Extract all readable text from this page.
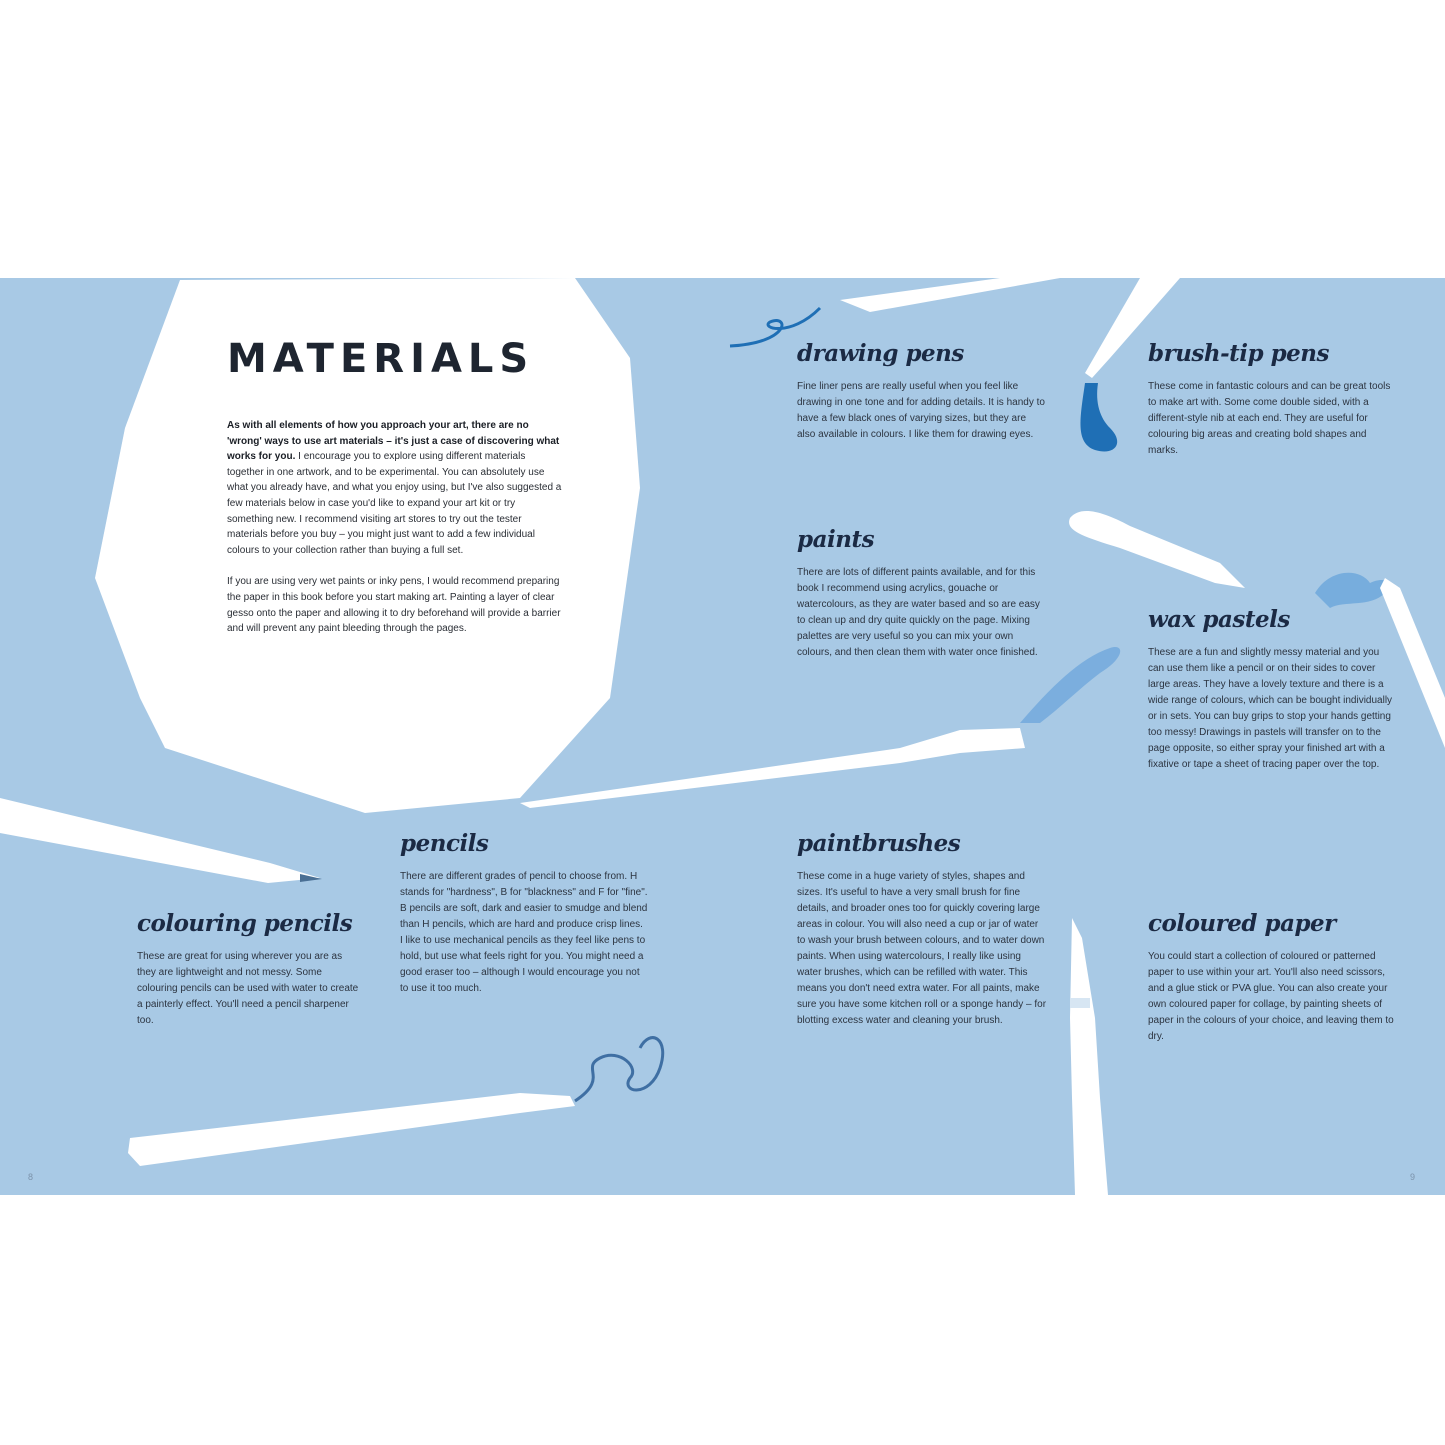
MATERIALS

As with all elements of how you approach your art, there are no 'wrong' ways to use art materials – it's just a case of discovering what works for you. I encourage you to explore using different materials together in one artwork, and to be experimental. You can absolutely use what you already have, and what you enjoy using, but I've also suggested a few materials below in case you'd like to expand your art kit or try something new. I recommend visiting art stores to try out the tester materials before you buy – you might just want to add a few individual colours to your collection rather than buying a full set.

If you are using very wet paints or inky pens, I would recommend preparing the paper in this book before you start making art. Painting a layer of clear gesso onto the paper and allowing it to dry beforehand will provide a barrier and will prevent any paint bleeding through the pages.

drawing pens

Fine liner pens are really useful when you feel like drawing in one tone and for adding details. It is handy to have a few black ones of varying sizes, but they are also available in colours. I like them for drawing eyes.

brush-tip pens

These come in fantastic colours and can be great tools to make art with. Some come double sided, with a different-style nib at each end. They are useful for colouring big areas and creating bold shapes and marks.

paints

There are lots of different paints available, and for this book I recommend using acrylics, gouache or watercolours, as they are water based and so are easy to clean up and dry quite quickly on the page. Mixing palettes are very useful so you can mix your own colours, and then clean them with water once finished.

wax pastels

These are a fun and slightly messy material and you can use them like a pencil or on their sides to cover large areas. They have a lovely texture and there is a wide range of colours, which can be bought individually or in sets. You can buy grips to stop your hands getting too messy! Drawings in pastels will transfer on to the page opposite, so either spray your finished art with a fixative or tape a sheet of tracing paper over the top.

pencils

There are different grades of pencil to choose from. H stands for "hardness", B for "blackness" and F for "fine". B pencils are soft, dark and easier to smudge and blend than H pencils, which are hard and produce crisp lines. I like to use mechanical pencils as they feel like pens to hold, but use what feels right for you. You might need a good eraser too – although I would encourage you not to use it too much.

paintbrushes

These come in a huge variety of styles, shapes and sizes. It's useful to have a very small brush for fine details, and broader ones too for quickly covering large areas in colour. You will also need a cup or jar of water to wash your brush between colours, and to water down paints. When using watercolours, I really like using water brushes, which can be refilled with water. This means you don't need extra water. For all paints, make sure you have some kitchen roll or a sponge handy – for blotting excess water and cleaning your brush.

colouring pencils

These are great for using wherever you are as they are lightweight and not messy. Some colouring pencils can be used with water to create a painterly effect. You'll need a pencil sharpener too.

coloured paper

You could start a collection of coloured or patterned paper to use within your art. You'll also need scissors, and a glue stick or PVA glue. You can also create your own coloured paper for collage, by painting sheets of paper in the colours of your choice, and leaving them to dry.

8	9
